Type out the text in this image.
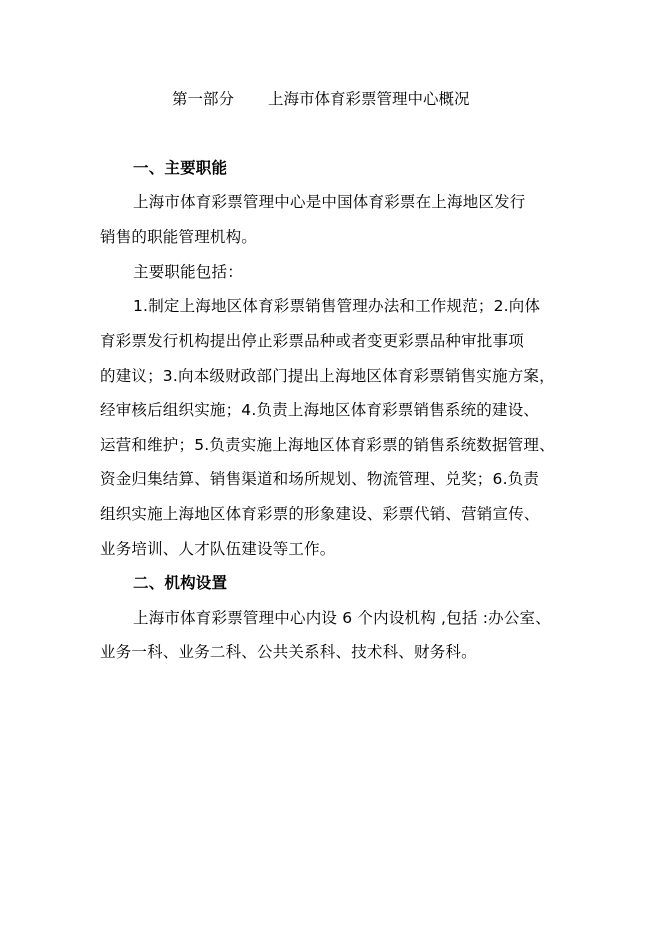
第一部分 上海市体育彩票管理中心概况
一、主要职能
上海市体育彩票管理中心是中国体育彩票在上海地区发行
销售的职能管理机构。
主要职能包括：
1.制定上海地区体育彩票销售管理办法和工作规范；2.向体
育彩票发行机构提出停止彩票品种或者变更彩票品种审批事项
的建议；3.向本级财政部门提出上海地区体育彩票销售实施方案，
经审核后组织实施；4.负责上海地区体育彩票销售系统的建设、
运营和维护；5.负责实施上海地区体育彩票的销售系统数据管理、
资金归集结算、销售渠道和场所规划、物流管理、兑奖；6.负责
组织实施上海地区体育彩票的形象建设、彩票代销、营销宣传、
业务培训、人才队伍建设等工作。
二、机构设置
上海市体育彩票管理中心内设 6 个内设机构 ,包括 :办公室、
业务一科、业务二科、公共关系科、技术科、财务科。
